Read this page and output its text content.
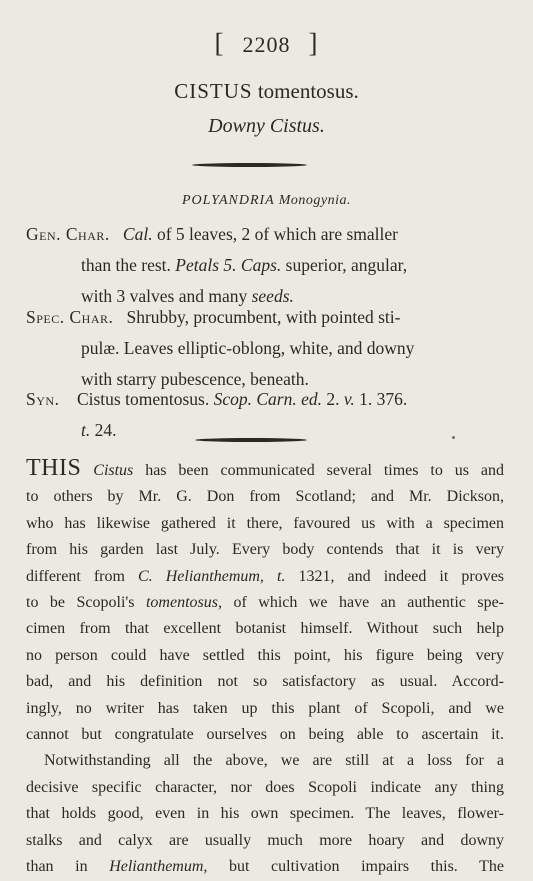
[ 2208 ]
CISTUS tomentosus.
Downy Cistus.
POLYANDRIA Monogynia.
Gen. Char. Cal. of 5 leaves, 2 of which are smaller
than the rest. Petals 5. Caps. superior, angular,
with 3 valves and many seeds.
Spec. Char. Shrubby, procumbent, with pointed sti-
pulæ. Leaves elliptic-oblong, white, and downy
with starry pubescence, beneath.
Syn. Cistus tomentosus. Scop. Carn. ed. 2. v. 1. 376.
t. 24.
THIS Cistus has been communicated several times to us and
to others by Mr. G. Don from Scotland; and Mr. Dickson,
who has likewise gathered it there, favoured us with a specimen
from his garden last July. Every body contends that it is very
different from C. Helianthemum, t. 1321, and indeed it proves
to be Scopoli's tomentosus, of which we have an authentic spe-
cimen from that excellent botanist himself. Without such help
no person could have settled this point, his figure being very
bad, and his definition not so satisfactory as usual. Accord-
ingly, no writer has taken up this plant of Scopoli, and we
cannot but congratulate ourselves on being able to ascertain it.
Notwithstanding all the above, we are still at a loss for a
decisive specific character, nor does Scopoli indicate any thing
that holds good, even in his own specimen. The leaves, flower-
stalks and calyx are usually much more hoary and downy
than in Helianthemum, but cultivation impairs this. The
